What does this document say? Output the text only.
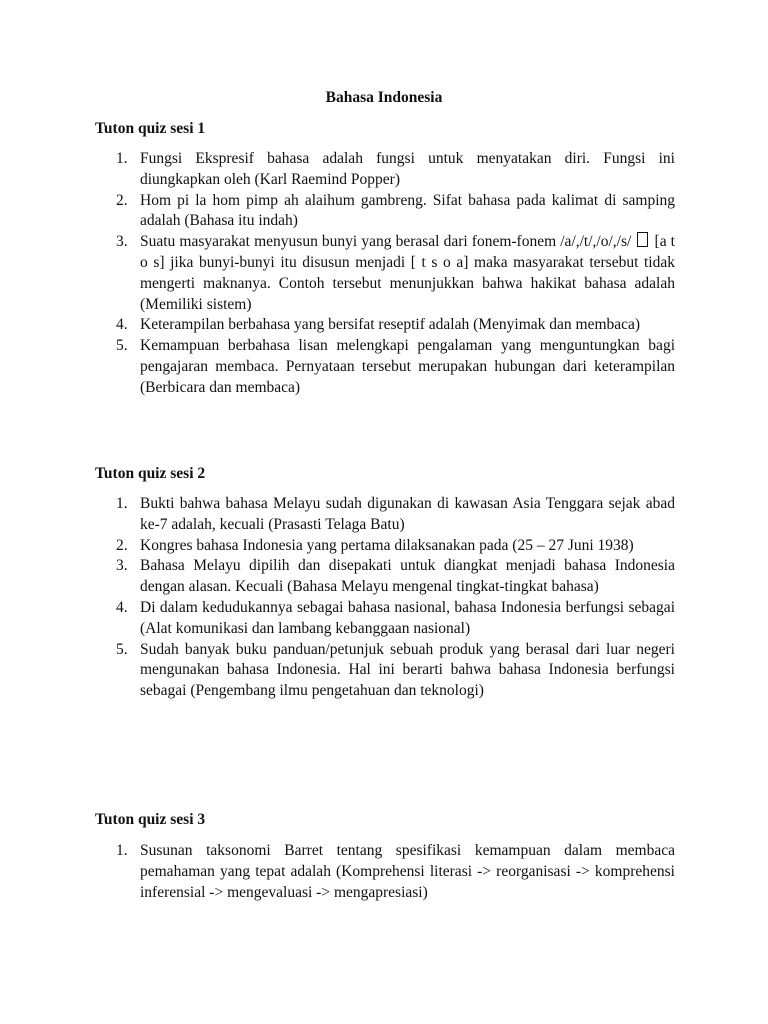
Bahasa Indonesia
Tuton quiz sesi 1
1. Fungsi Ekspresif bahasa adalah fungsi untuk menyatakan diri. Fungsi ini diungkapkan oleh (Karl Raemind Popper)
2. Hom pi la hom pimp ah alaihum gambreng. Sifat bahasa pada kalimat di samping adalah (Bahasa itu indah)
3. Suatu masyarakat menyusun bunyi yang berasal dari fonem-fonem /a/,/t/,/o/,/s/ [a t o s] jika bunyi-bunyi itu disusun menjadi [ t s o a] maka masyarakat tersebut tidak mengerti maknanya. Contoh tersebut menunjukkan bahwa hakikat bahasa adalah (Memiliki sistem)
4. Keterampilan berbahasa yang bersifat reseptif adalah (Menyimak dan membaca)
5. Kemampuan berbahasa lisan melengkapi pengalaman yang menguntungkan bagi pengajaran membaca. Pernyataan tersebut merupakan hubungan dari keterampilan (Berbicara dan membaca)
Tuton quiz sesi 2
1. Bukti bahwa bahasa Melayu sudah digunakan di kawasan Asia Tenggara sejak abad ke-7 adalah, kecuali (Prasasti Telaga Batu)
2. Kongres bahasa Indonesia yang pertama dilaksanakan pada (25 – 27 Juni 1938)
3. Bahasa Melayu dipilih dan disepakati untuk diangkat menjadi bahasa Indonesia dengan alasan. Kecuali (Bahasa Melayu mengenal tingkat-tingkat bahasa)
4. Di dalam kedudukannya sebagai bahasa nasional, bahasa Indonesia berfungsi sebagai (Alat komunikasi dan lambang kebanggaan nasional)
5. Sudah banyak buku panduan/petunjuk sebuah produk yang berasal dari luar negeri mengunakan bahasa Indonesia. Hal ini berarti bahwa bahasa Indonesia berfungsi sebagai (Pengembang ilmu pengetahuan dan teknologi)
Tuton quiz sesi 3
1. Susunan taksonomi Barret tentang spesifikasi kemampuan dalam membaca pemahaman yang tepat adalah (Komprehensi literasi -> reorganisasi -> komprehensi inferensial -> mengevaluasi -> mengapresiasi)
